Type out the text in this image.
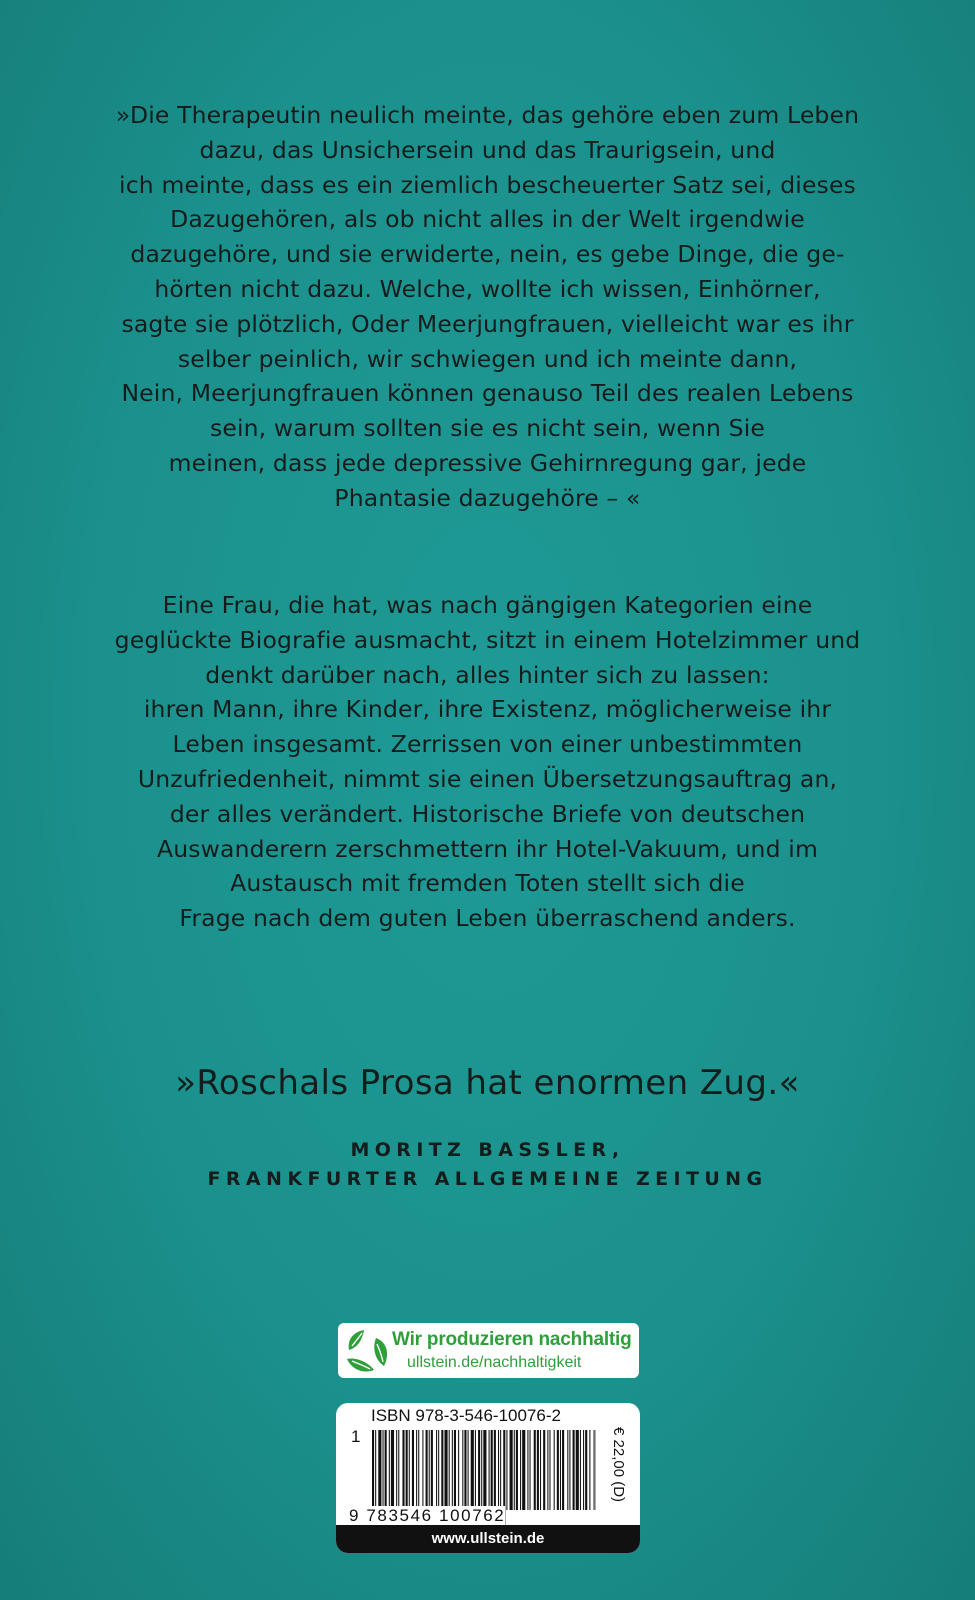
»Die Therapeutin neulich meinte, das gehöre eben zum Leben
dazu, das Unsichersein und das Traurigsein, und
ich meinte, dass es ein ziemlich bescheuerter Satz sei, dieses
Dazugehören, als ob nicht alles in der Welt irgendwie
dazugehöre, und sie erwiderte, nein, es gebe Dinge, die ge-
hörten nicht dazu. Welche, wollte ich wissen, Einhörner,
sagte sie plötzlich, Oder Meerjungfrauen, vielleicht war es ihr
selber peinlich, wir schwiegen und ich meinte dann,
Nein, Meerjungfrauen können genauso Teil des realen Lebens
sein, warum sollten sie es nicht sein, wenn Sie
meinen, dass jede depressive Gehirnregung gar, jede
Phantasie dazugehöre – «
Eine Frau, die hat, was nach gängigen Kategorien eine
geglückte Biografie ausmacht, sitzt in einem Hotelzimmer und
denkt darüber nach, alles hinter sich zu lassen:
ihren Mann, ihre Kinder, ihre Existenz, möglicherweise ihr
Leben insgesamt. Zerrissen von einer unbestimmten
Unzufriedenheit, nimmt sie einen Übersetzungsauftrag an,
der alles verändert. Historische Briefe von deutschen
Auswanderern zerschmettern ihr Hotel-Vakuum, und im
Austausch mit fremden Toten stellt sich die
Frage nach dem guten Leben überraschend anders.
»Roschals Prosa hat enormen Zug.«
MORITZ BASSLER,
FRANKFURTER ALLGEMEINE ZEITUNG
Wir produzieren nachhaltig
ullstein.de/nachhaltigkeit
ISBN 978-3-546-10076-2
1
9 783546 100762
€ 22,00 (D)
www.ullstein.de
